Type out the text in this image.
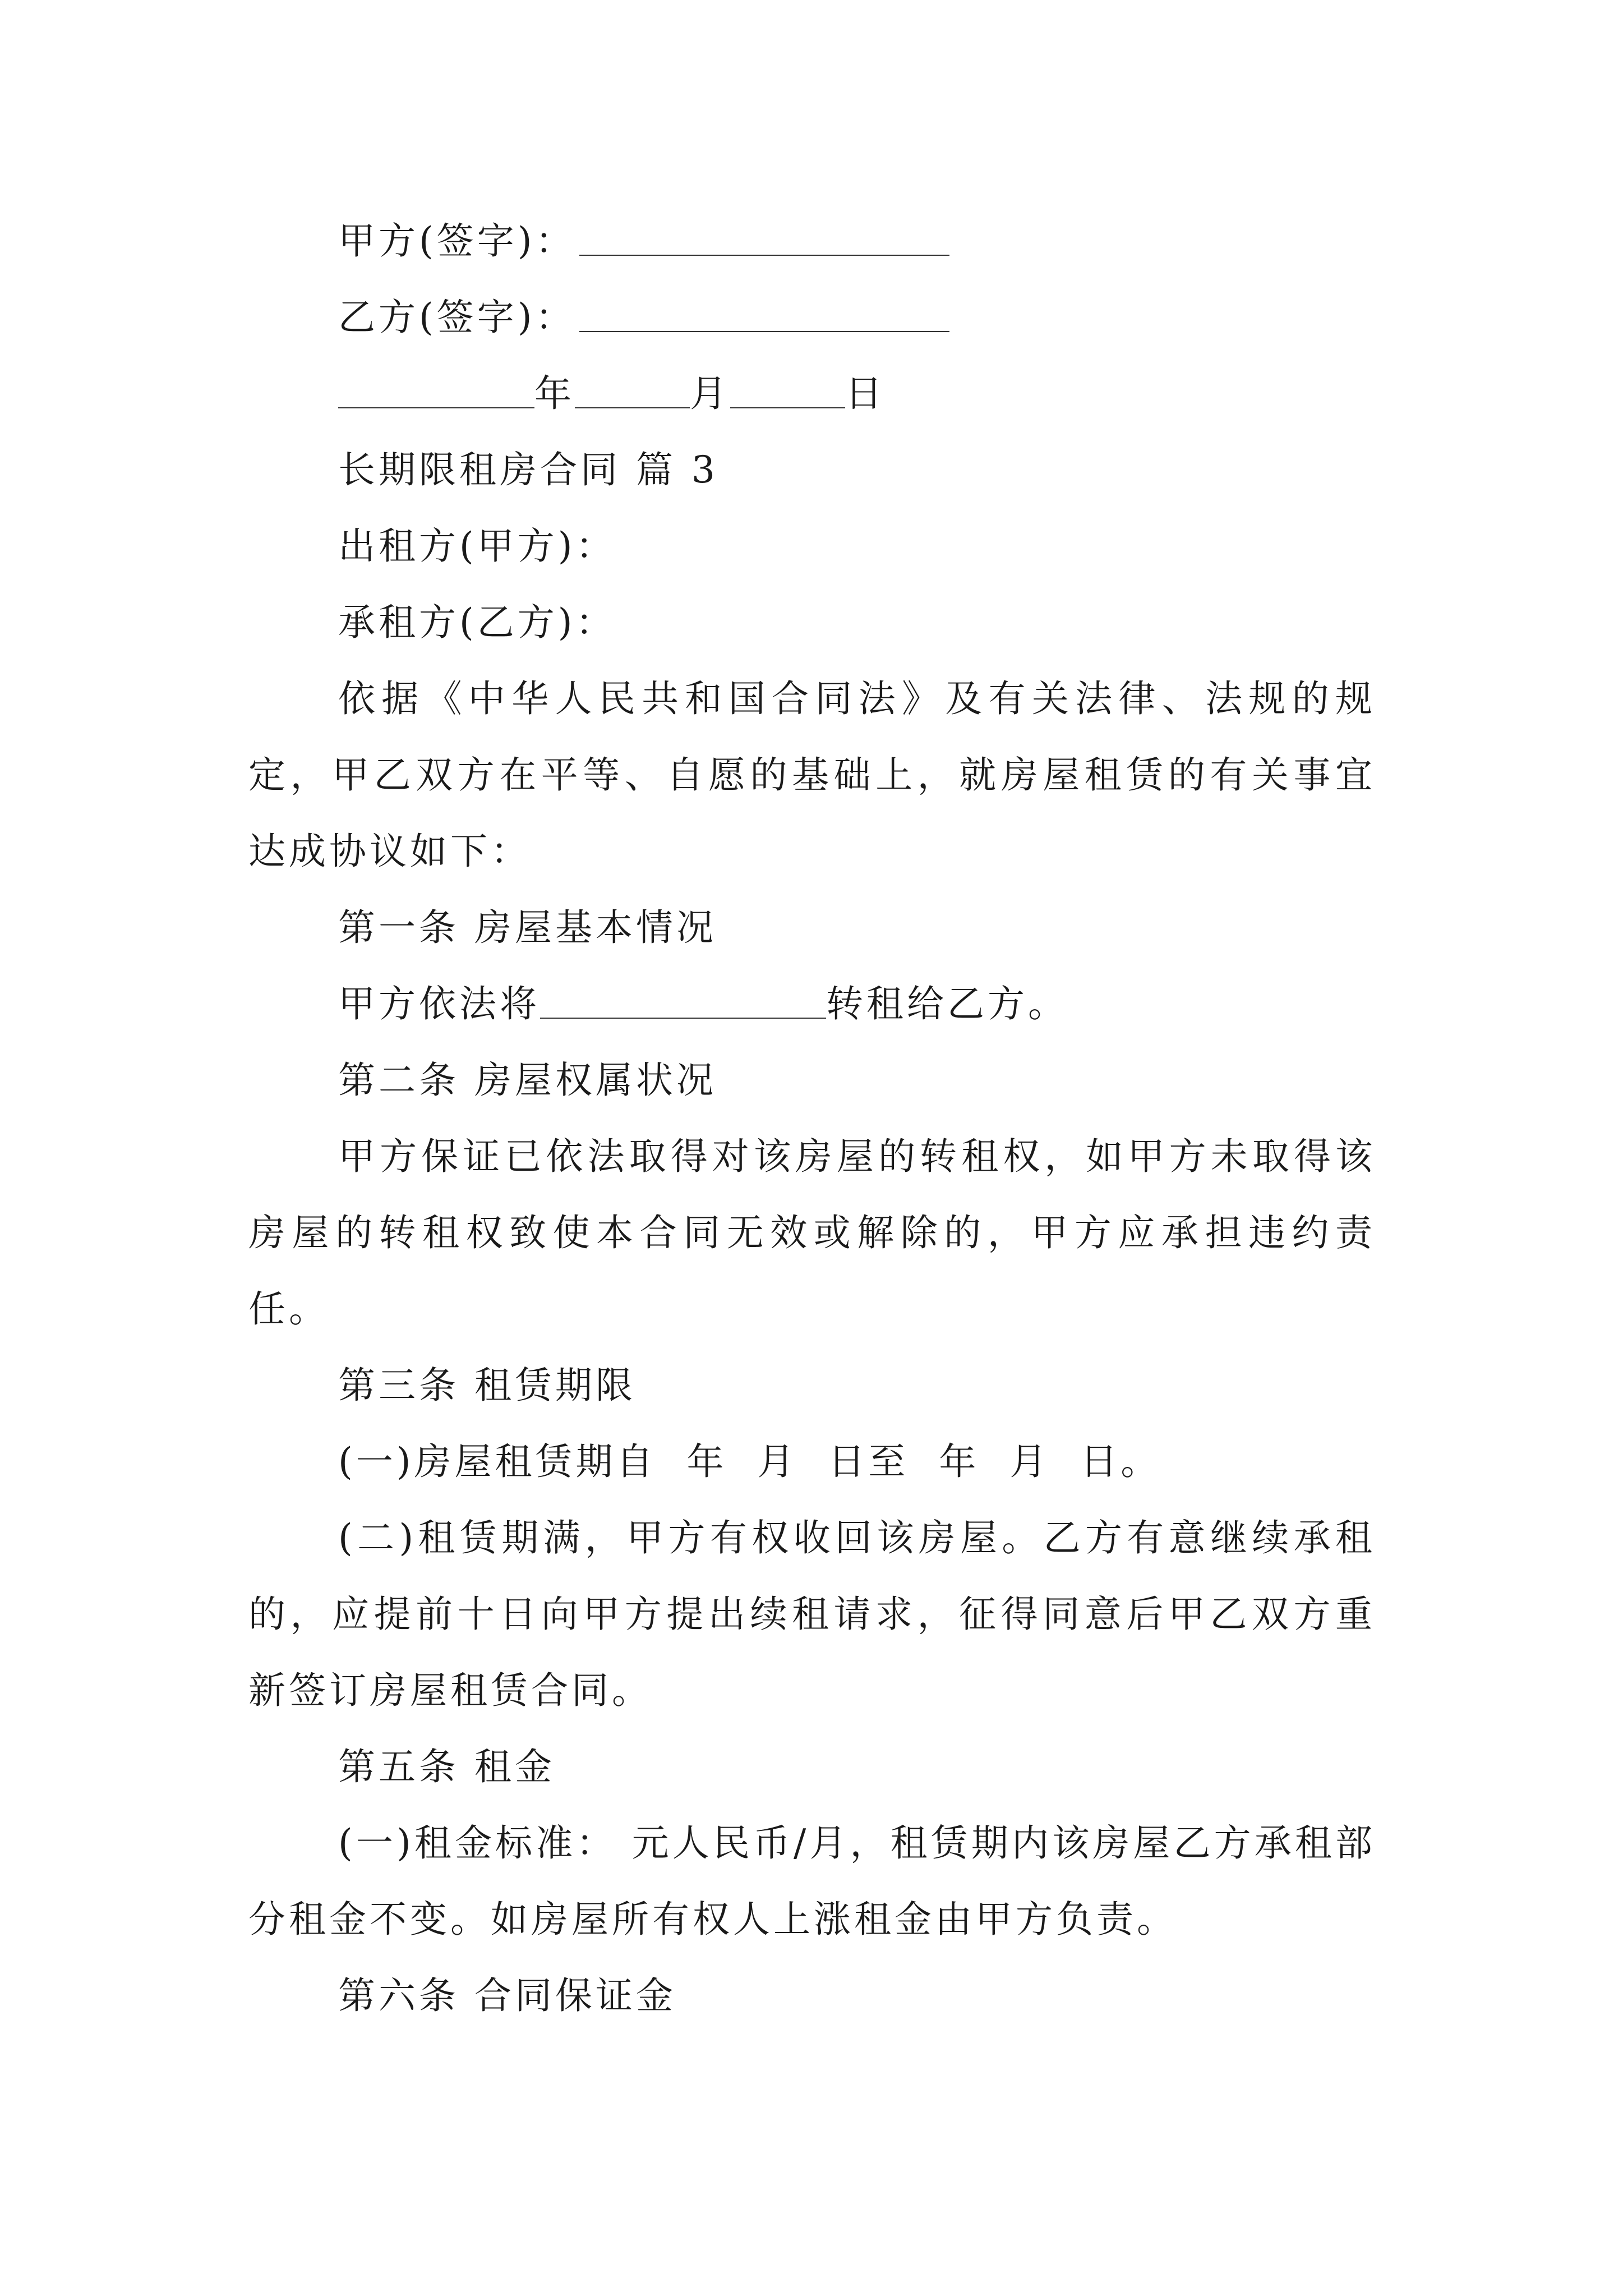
甲方(签字)：

乙方(签字)：

年	月	日

长期限租房合同 篇 3

出租方(甲方)：

承租方(乙方)：

依据《中华人民共和国合同法》及有关法律、法规的规定，甲乙双方在平等、自愿的基础上，就房屋租赁的有关事宜达成协议如下：

第一条 房屋基本情况

甲方依法将	转租给乙方。

第二条 房屋权属状况

甲方保证已依法取得对该房屋的转租权，如甲方未取得该房屋的转租权致使本合同无效或解除的，甲方应承担违约责任。

第三条 租赁期限

(一)房屋租赁期自  年  月  日至  年  月  日。

(二)租赁期满，甲方有权收回该房屋。乙方有意继续承租的，应提前十日向甲方提出续租请求，征得同意后甲乙双方重新签订房屋租赁合同。

第五条 租金

(一)租金标准： 元人民币/月，租赁期内该房屋乙方承租部分租金不变。如房屋所有权人上涨租金由甲方负责。

第六条 合同保证金
